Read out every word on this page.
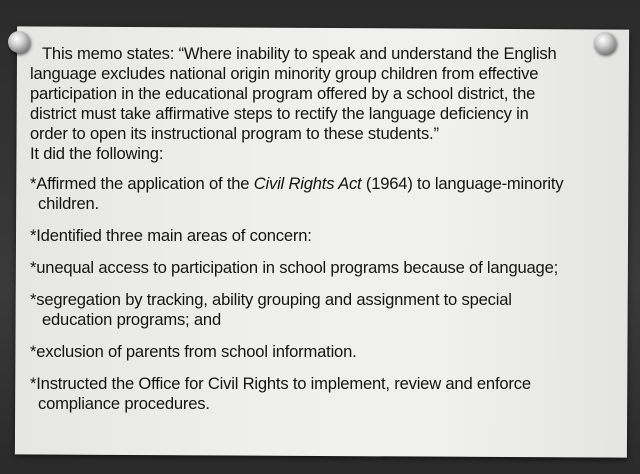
This memo states: “Where inability to speak and understand the English
language excludes national origin minority group children from effective
participation in the educational program offered by a school district, the
district must take affirmative steps to rectify the language deficiency in
order to open its instructional program to these students.”
It did the following:
*Affirmed the application of the Civil Rights Act (1964) to language-minority
children.
*Identified three main areas of concern:
*unequal access to participation in school programs because of language;
*segregation by tracking, ability grouping and assignment to special
education programs; and
*exclusion of parents from school information.
*Instructed the Office for Civil Rights to implement, review and enforce
compliance procedures.
